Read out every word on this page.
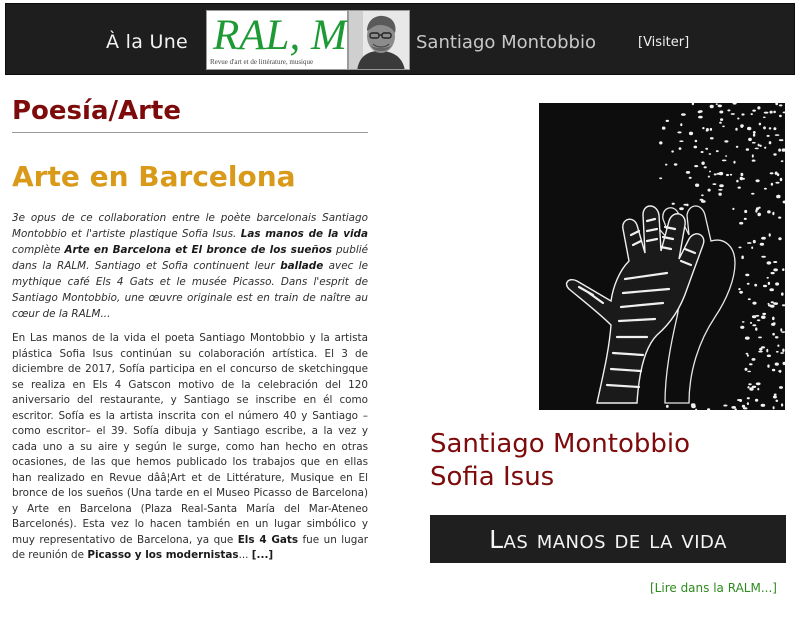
À la Une RAL, M
Revue d'art et de littérature, musique
Santiago Montobbio	[Visiter]
Poesía/Arte
Arte en Barcelona

3e opus de ce collaboration entre le poète barcelonais Santiago Montobbio et l'artiste plastique Sofia Isus. Las manos de la vida complète Arte en Barcelona et El bronce de los sueños publié dans la RALM. Santiago et Sofia continuent leur ballade avec le mythique café Els 4 Gats et le musée Picasso. Dans l'esprit de Santiago Montobbio, une œuvre originale est en train de naître au cœur de la RALM...

En Las manos de la vida el poeta Santiago Montobbio y la artista plástica Sofia Isus continúan su colaboración artística. El 3 de diciembre de 2017, Sofía participa en el concurso de sketchingque se realiza en Els 4 Gatscon motivo de la celebración del 120 aniversario del restaurante, y Santiago se inscribe en él como escritor. Sofía es la artista inscrita con el número 40 y Santiago –como escritor– el 39. Sofía dibuja y Santiago escribe, a la vez y cada uno a su aire y según le surge, como han hecho en otras ocasiones, de las que hemos publicado los trabajos que en ellas han realizado en Revue dââ¦Art et de Littérature, Musique en El bronce de los sueños (Una tarde en el Museo Picasso de Barcelona) y Arte en Barcelona (Plaza Real-Santa María del Mar-Ateneo Barcelonés). Esta vez lo hacen también en un lugar simbólico y muy representativo de Barcelona, ya que Els 4 Gats fue un lugar de reunión de Picasso y los modernistas... [...]

Santiago Montobbio
Sofia Isus
Las manos de la vida
[Lire dans la RALM...]
